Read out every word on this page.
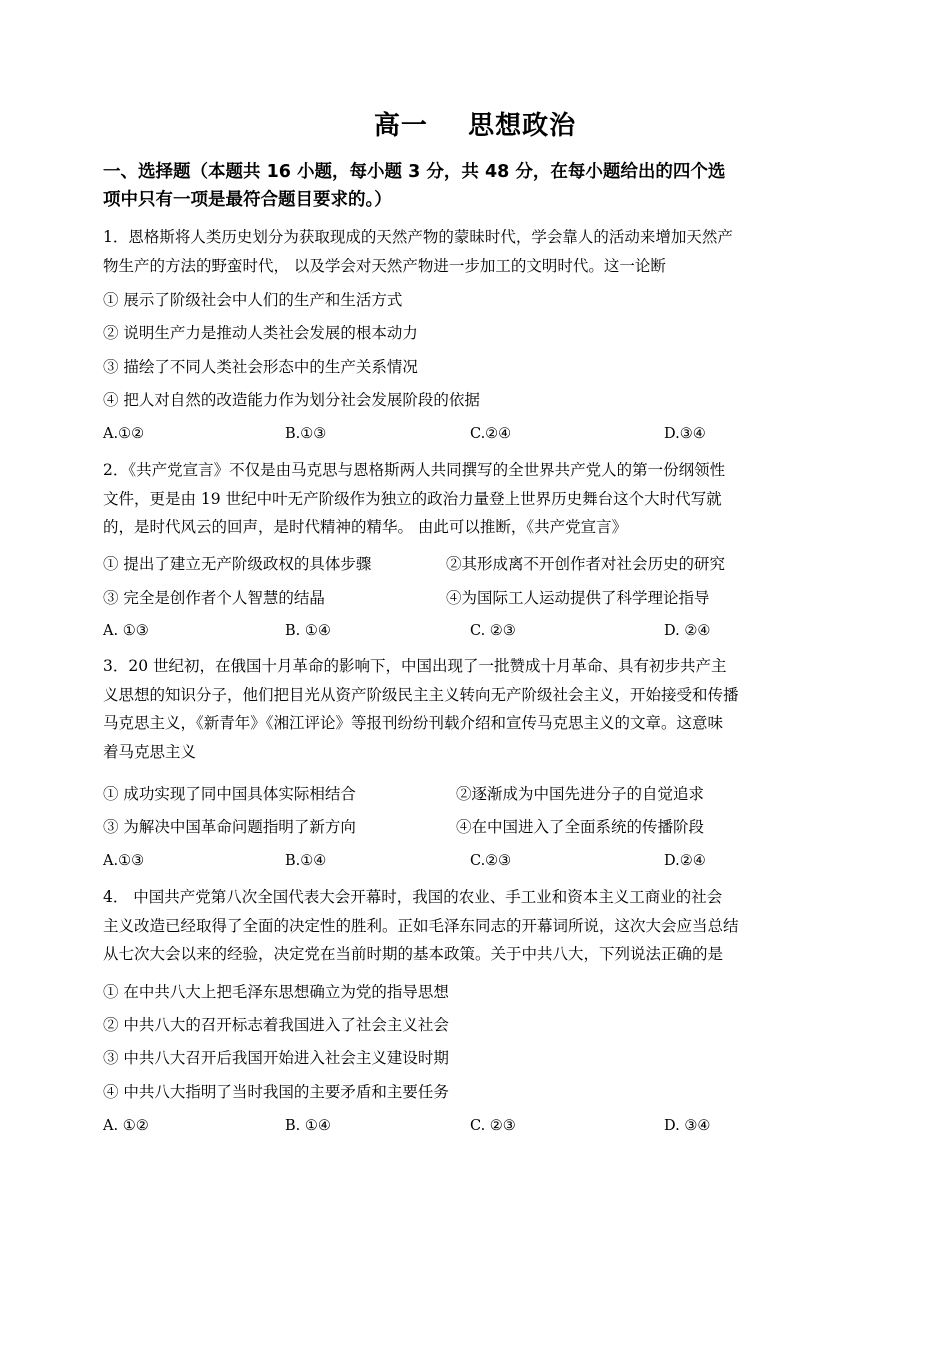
高一    思想政治
一、选择题（本题共 16 小题，每小题 3 分，共 48 分，在每小题给出的四个选
项中只有一项是最符合题目要求的。）
1．恩格斯将人类历史划分为获取现成的天然产物的蒙昧时代，学会靠人的活动来增加天然产
物生产的方法的野蛮时代， 以及学会对天然产物进一步加工的文明时代。这一论断
① 展示了阶级社会中人们的生产和生活方式
② 说明生产力是推动人类社会发展的根本动力
③ 描绘了不同人类社会形态中的生产关系情况
④ 把人对自然的改造能力作为划分社会发展阶段的依据
A.①②	B.①③	C.②④	D.③④
2．《共产党宣言》不仅是由马克思与恩格斯两人共同撰写的全世界共产党人的第一份纲领性
文件，更是由 19 世纪中叶无产阶级作为独立的政治力量登上世界历史舞台这个大时代写就
的，是时代风云的回声，是时代精神的精华。 由此可以推断，《共产党宣言》
① 提出了建立无产阶级政权的具体步骤	②其形成离不开创作者对社会历史的研究
③ 完全是创作者个人智慧的结晶	④为国际工人运动提供了科学理论指导
A. ①③	B. ①④	C. ②③	D. ②④
3．20 世纪初，在俄国十月革命的影响下，中国出现了一批赞成十月革命、具有初步共产主
义思想的知识分子，他们把目光从资产阶级民主主义转向无产阶级社会主义，开始接受和传播
马克思主义，《新青年》《湘江评论》等报刊纷纷刊载介绍和宣传马克思主义的文章。这意味
着马克思主义
① 成功实现了同中国具体实际相结合	②逐渐成为中国先进分子的自觉追求
③ 为解决中国革命问题指明了新方向	④在中国进入了全面系统的传播阶段
A.①③	B.①④	C.②③	D.②④
4． 中国共产党第八次全国代表大会开幕时，我国的农业、手工业和资本主义工商业的社会
主义改造已经取得了全面的决定性的胜利。正如毛泽东同志的开幕词所说，这次大会应当总结
从七次大会以来的经验，决定党在当前时期的基本政策。关于中共八大，下列说法正确的是
① 在中共八大上把毛泽东思想确立为党的指导思想
② 中共八大的召开标志着我国进入了社会主义社会
③ 中共八大召开后我国开始进入社会主义建设时期
④ 中共八大指明了当时我国的主要矛盾和主要任务
A. ①②	B. ①④	C. ②③	D. ③④
